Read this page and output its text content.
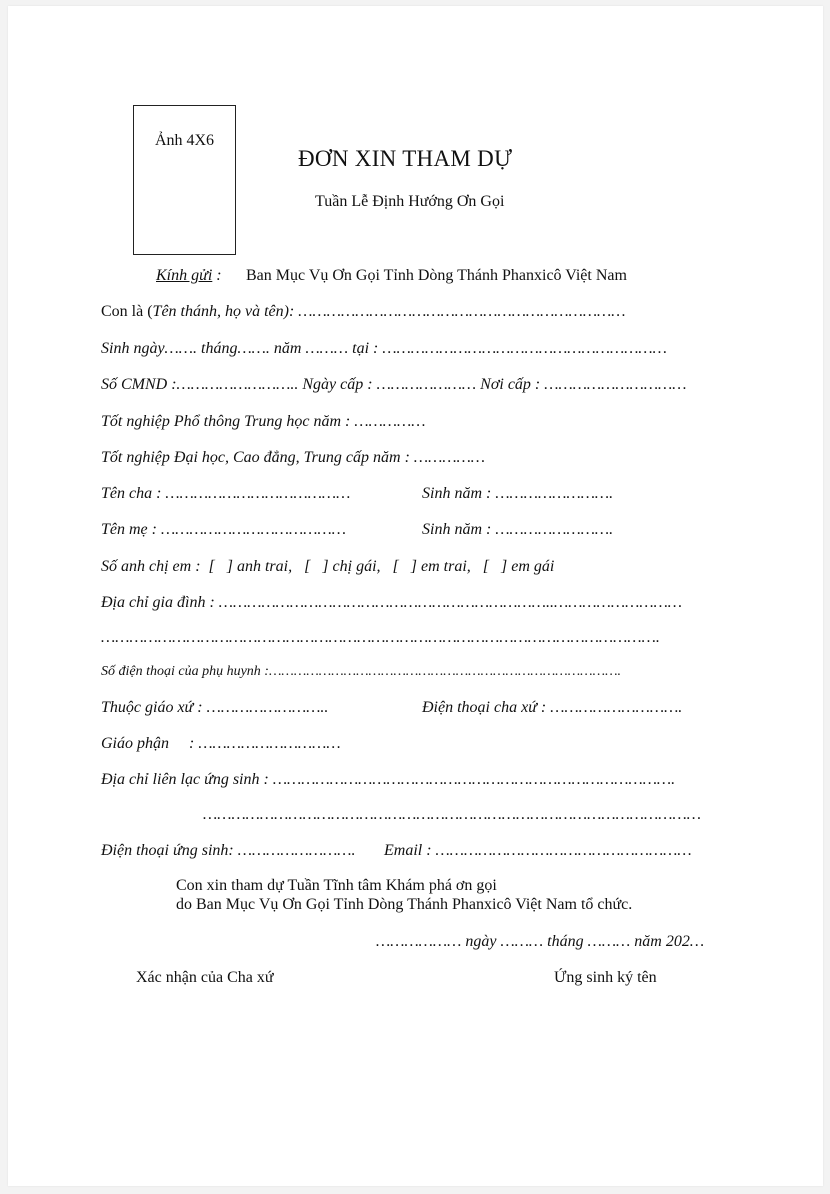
Ảnh 4X6
ĐƠN XIN THAM DỰ
Tuần Lễ Định Hướng Ơn Gọi
Kính gửi : Ban Mục Vụ Ơn Gọi Tỉnh Dòng Thánh Phanxicô Việt Nam
Con là (Tên thánh, họ và tên): ……………………………………………………………
Sinh ngày……. tháng……. năm ……… tại : ……………………………………………………
Số CMND :…………………….. Ngày cấp : ………………… Nơi cấp : …………………………
Tốt nghiệp Phổ thông Trung học năm : ……………
Tốt nghiệp Đại học, Cao đẳng, Trung cấp năm : ……………
Tên cha : …………………………………	Sinh năm : …………………….
Tên mẹ : …………………………………	Sinh năm : …………………….
Số anh chị em :  [   ] anh trai,   [   ] chị gái,   [   ] em trai,   [   ] em gái
Địa chỉ gia đình : ……………………………………………………………..………………………
……………………………………………………………………………………………………….
Số điện thoại của phụ huynh :………………………………………………………………………….
Thuộc giáo xứ : ……………………..	Điện thoại cha xứ : ……………………….
Giáo phận     : …………………………
Địa chỉ liên lạc ứng sinh : ………………………………………………………………………….
……………………………………………………………………………………………
Điện thoại ứng sinh: ……………………. Email : ………………………………………………
Con xin tham dự Tuần Tĩnh tâm Khám phá ơn gọi
do Ban Mục Vụ Ơn Gọi Tỉnh Dòng Thánh Phanxicô Việt Nam tổ chức.
……………… ngày ……… tháng ……… năm 202…
Xác nhận của Cha xứ	Ứng sinh ký tên
